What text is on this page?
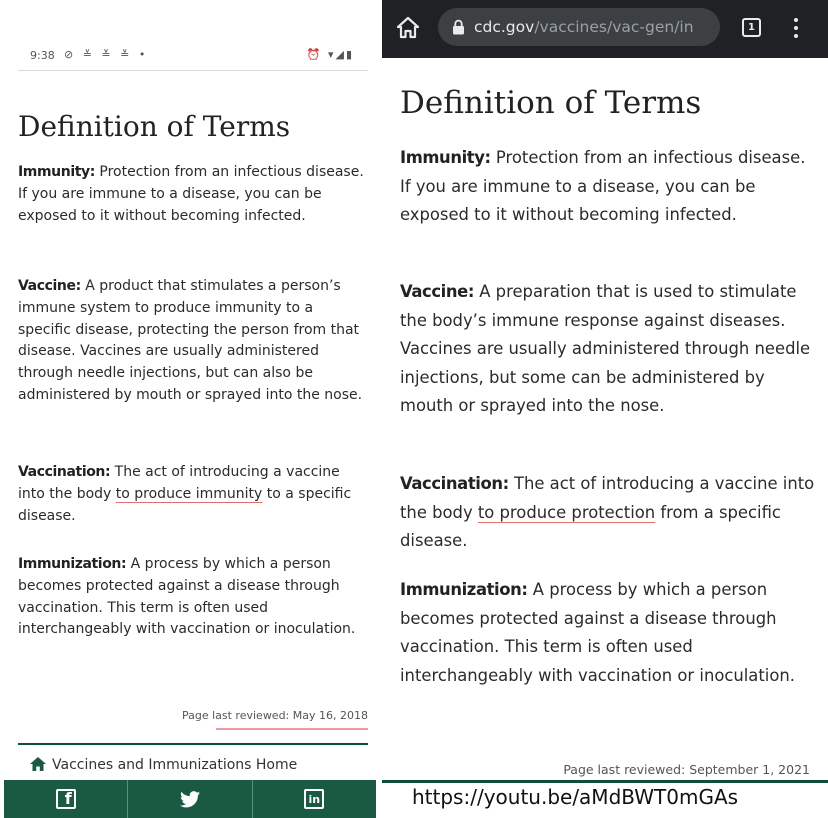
9:38 ⊘ ≚ ≚ ≚ •	⏰ ▾◢▮
Definition of Terms

Immunity: Protection from an infectious disease. If you are immune to a disease, you can be exposed to it without becoming infected.

Vaccine: A product that stimulates a person’s immune system to produce immunity to a specific disease, protecting the person from that disease. Vaccines are usually administered through needle injections, but can also be administered by mouth or sprayed into the nose.

Vaccination: The act of introducing a vaccine into the body to produce immunity to a specific disease.

Immunization: A process by which a person becomes protected against a disease through vaccination. This term is often used interchangeably with vaccination or inoculation.

Page last reviewed: May 16, 2018
Vaccines and Immunizations Home
f	in
cdc.gov/vaccines/vac-gen/in	1
Definition of Terms

Immunity: Protection from an infectious disease. If you are immune to a disease, you can be exposed to it without becoming infected.

Vaccine: A preparation that is used to stimulate the body’s immune response against diseases. Vaccines are usually administered through needle injections, but some can be administered by mouth or sprayed into the nose.

Vaccination: The act of introducing a vaccine into the body to produce protection from a specific disease.

Immunization: A process by which a person becomes protected against a disease through vaccination. This term is often used interchangeably with vaccination or inoculation.

Page last reviewed: September 1, 2021
https://youtu.be/aMdBWT0mGAs
